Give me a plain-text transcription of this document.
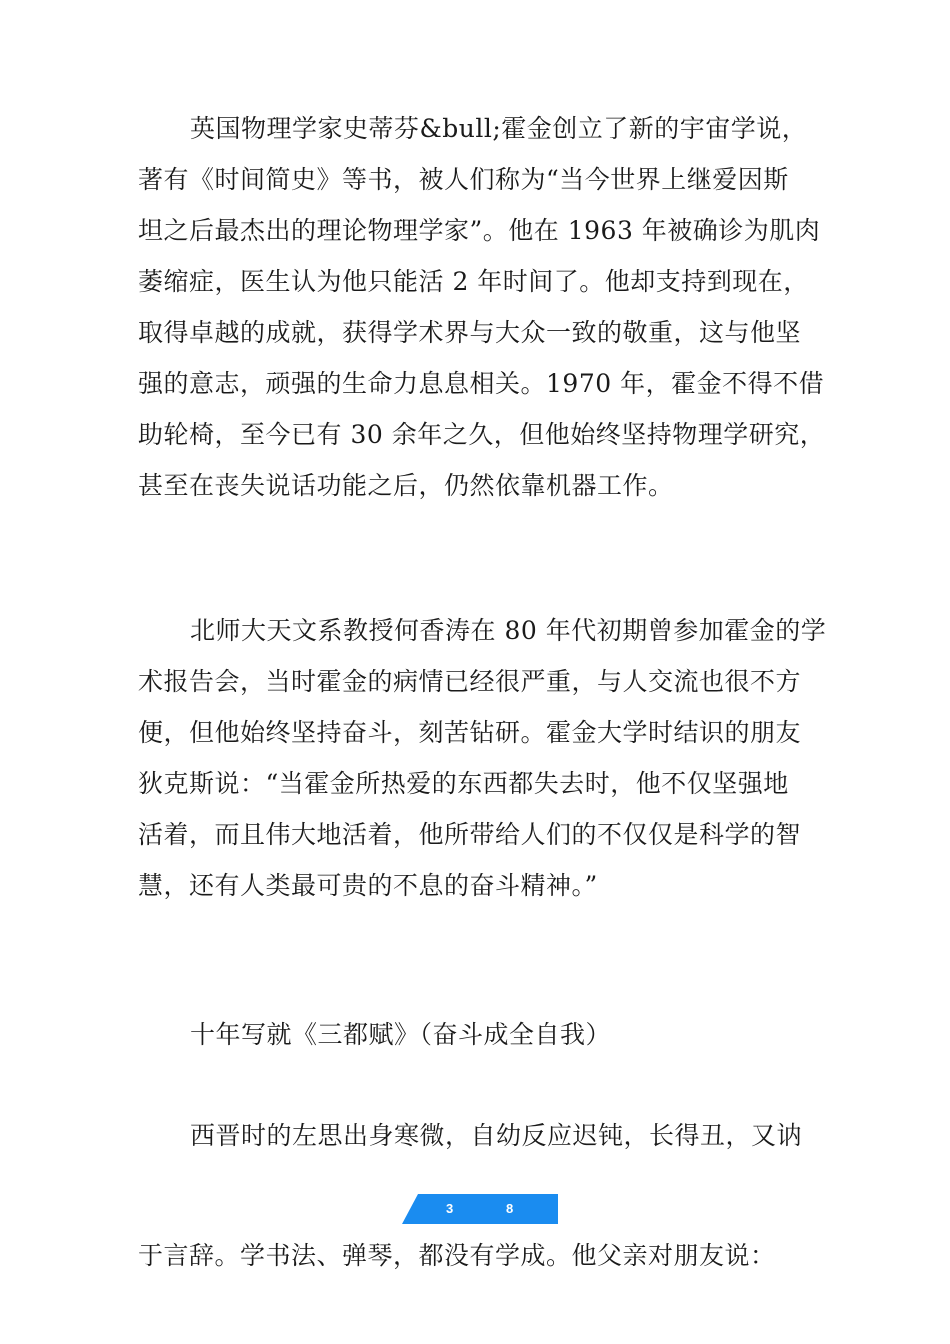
英国物理学家史蒂芬&bull;霍金创立了新的宇宙学说，
著有《时间简史》等书，被人们称为“当今世界上继爱因斯
坦之后最杰出的理论物理学家”。他在 1963 年被确诊为肌肉
萎缩症，医生认为他只能活 2 年时间了。他却支持到现在，
取得卓越的成就，获得学术界与大众一致的敬重，这与他坚
强的意志，顽强的生命力息息相关。1970 年，霍金不得不借
助轮椅，至今已有 30 余年之久，但他始终坚持物理学研究，
甚至在丧失说话功能之后，仍然依靠机器工作。
北师大天文系教授何香涛在 80 年代初期曾参加霍金的学
术报告会，当时霍金的病情已经很严重，与人交流也很不方
便，但他始终坚持奋斗，刻苦钻研。霍金大学时结识的朋友
狄克斯说：“当霍金所热爱的东西都失去时，他不仅坚强地
活着，而且伟大地活着，他所带给人们的不仅仅是科学的智
慧，还有人类最可贵的不息的奋斗精神。”
十年写就《三都赋》（奋斗成全自我）
西晋时的左思出身寒微，自幼反应迟钝，长得丑，又讷
3	8
于言辞。学书法、弹琴，都没有学成。他父亲对朋友说：
